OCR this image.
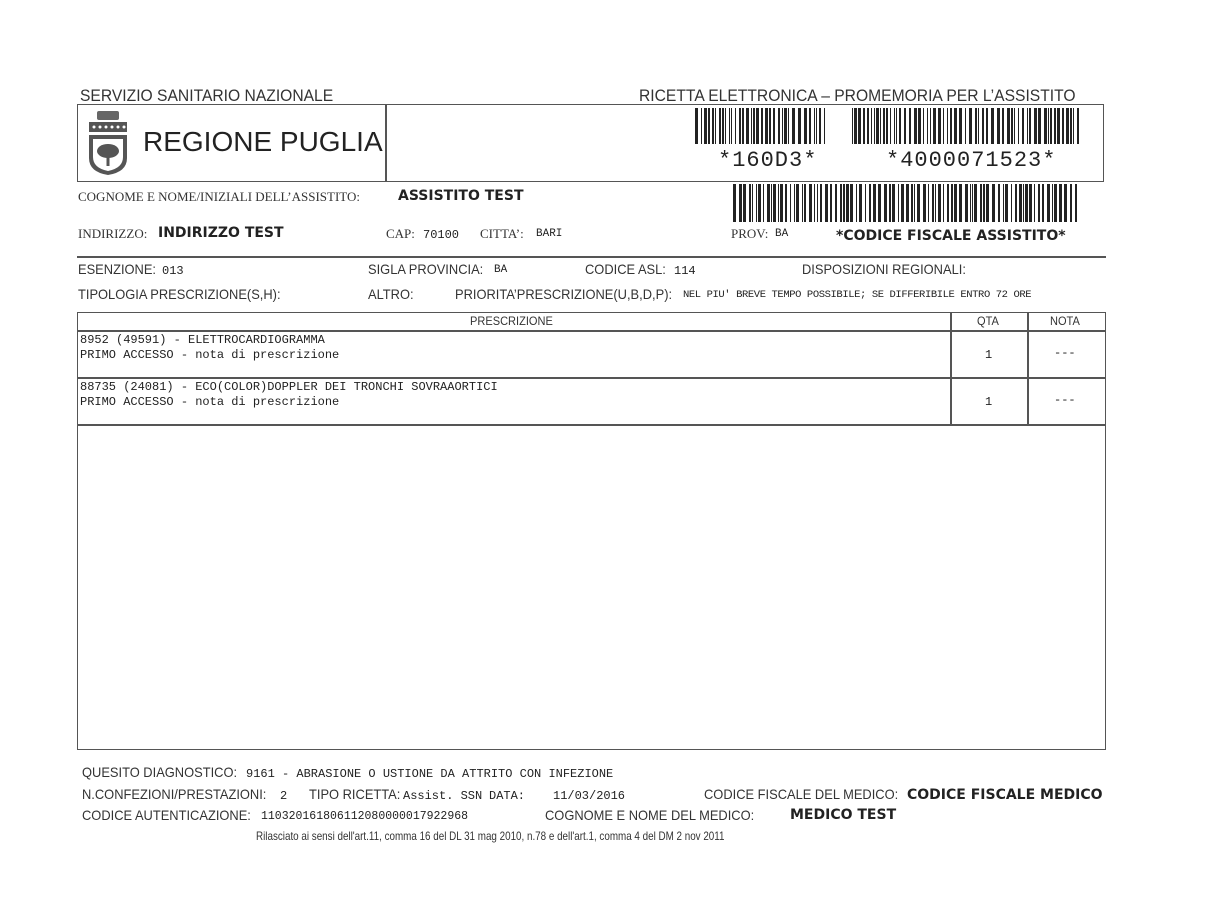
SERVIZIO SANITARIO NAZIONALE	RICETTA ELETTRONICA – PROMEMORIA PER L’ASSISTITO
REGIONE PUGLIA
*160D3*	*4000071523*
*CODICE FISCALE ASSISTITO*
COGNOME E NOME/INIZIALI DELL’ASSISTITO:	ASSISTITO TEST
INDIRIZZO: INDIRIZZO TEST	CAP: 70100 CITTA’: BARI	PROV: BA
ESENZIONE: 013	SIGLA PROVINCIA: BA	CODICE ASL: 114	DISPOSIZIONI REGIONALI:
TIPOLOGIA PRESCRIZIONE(S,H):	ALTRO:	PRIORITA’PRESCRIZIONE(U,B,D,P): NEL PIU' BREVE TEMPO POSSIBILE; SE DIFFERIBILE ENTRO 72 ORE
PRESCRIZIONE	QTA	NOTA
8952 (49591) - ELETTROCARDIOGRAMMA
PRIMO ACCESSO - nota di prescrizione	1	---
88735 (24081) - ECO(COLOR)DOPPLER DEI TRONCHI SOVRAAORTICI
PRIMO ACCESSO - nota di prescrizione	1	---
QUESITO DIAGNOSTICO: 9161 - ABRASIONE O USTIONE DA ATTRITO CON INFEZIONE
N.CONFEZIONI/PRESTAZIONI: 2 TIPO RICETTA: Assist. SSN DATA: 11/03/2016	CODICE FISCALE DEL MEDICO: CODICE FISCALE MEDICO
CODICE AUTENTICAZIONE: 110320161806112080000017922968	COGNOME E NOME DEL MEDICO:	MEDICO TEST
Rilasciato ai sensi dell'art.11, comma 16 del DL 31 mag 2010, n.78 e dell'art.1, comma 4 del DM 2 nov 2011
